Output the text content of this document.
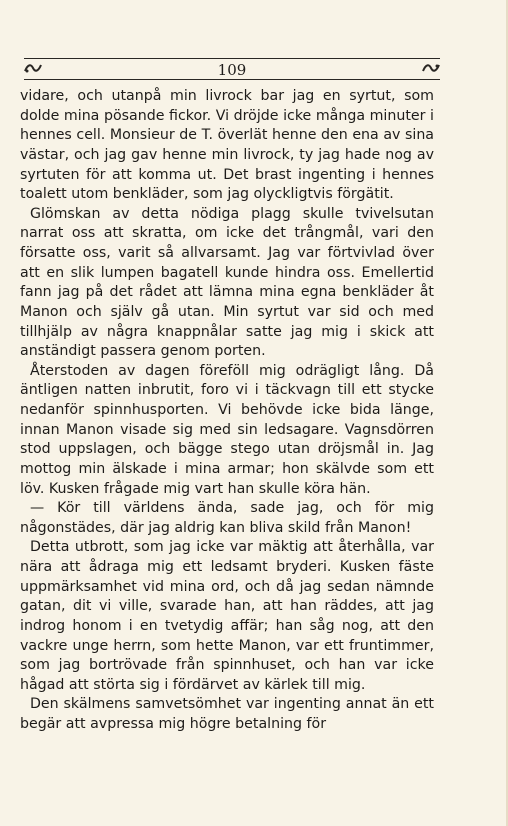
109

vidare, och utanpå min livrock bar jag en syrtut, som dolde mina pösande fickor. Vi dröjde icke många minuter i hennes cell. Monsieur de T. överlät henne den ena av sina västar, och jag gav henne min livrock, ty jag hade nog av syrtuten för att komma ut. Det brast ingenting i hennes toalett utom benkläder, som jag olyckligtvis förgätit.

Glömskan av detta nödiga plagg skulle tvivelsutan narrat oss att skratta, om icke det trångmål, vari den försatte oss, varit så allvarsamt. Jag var förtvivlad över att en slik lumpen bagatell kunde hindra oss. Emellertid fann jag på det rådet att lämna mina egna benkläder åt Manon och själv gå utan. Min syrtut var sid och med tillhjälp av några knappnålar satte jag mig i skick att anständigt passera genom porten.

Återstoden av dagen föreföll mig odrägligt lång. Då äntligen natten inbrutit, foro vi i täckvagn till ett stycke nedanför spinnhusporten. Vi behövde icke bida länge, innan Manon visade sig med sin ledsagare. Vagnsdörren stod uppslagen, och bägge stego utan dröjsmål in. Jag mottog min älskade i mina armar; hon skälvde som ett löv. Kusken frågade mig vart han skulle köra hän.

— Kör till världens ända, sade jag, och för mig någonstädes, där jag aldrig kan bliva skild från Manon!

Detta utbrott, som jag icke var mäktig att återhålla, var nära att ådraga mig ett ledsamt bryderi. Kusken fäste uppmärksamhet vid mina ord, och då jag sedan nämnde gatan, dit vi ville, svarade han, att han räddes, att jag indrog honom i en tvetydig affär; han såg nog, att den vackre unge herrn, som hette Manon, var ett fruntimmer, som jag bortrövade från spinnhuset, och han var icke hågad att störta sig i fördärvet av kärlek till mig.

Den skälmens samvetsömhet var ingenting annat än ett begär att avpressa mig högre betalning för
